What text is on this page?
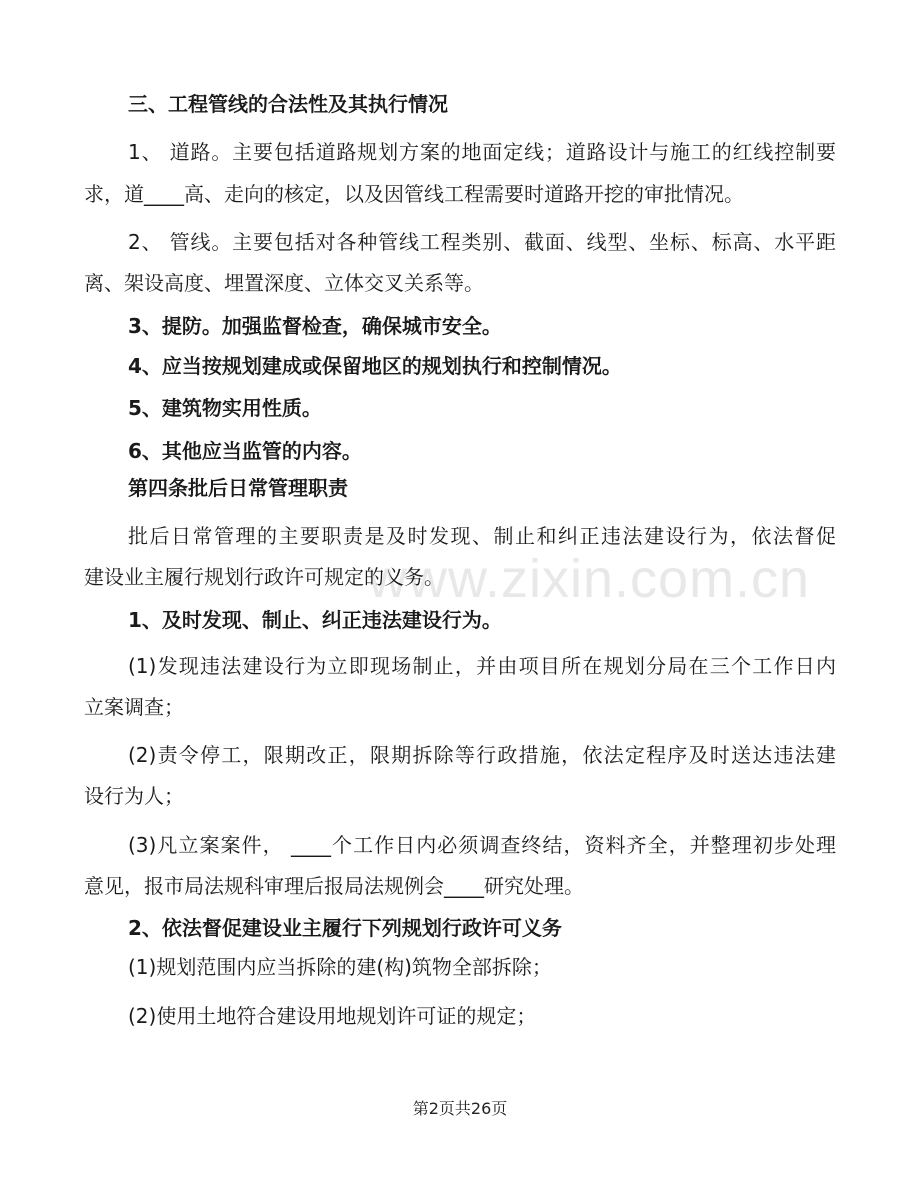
www.zixin.com.cn
三、工程管线的合法性及其执行情况
1、 道路。主要包括道路规划方案的地面定线；道路设计与施工的红线控制要
求，道____高、走向的核定，以及因管线工程需要时道路开挖的审批情况。
2、 管线。主要包括对各种管线工程类别、截面、线型、坐标、标高、水平距
离、架设高度、埋置深度、立体交叉关系等。
3、提防。加强监督检查，确保城市安全。
4、应当按规划建成或保留地区的规划执行和控制情况。
5、建筑物实用性质。
6、其他应当监管的内容。
第四条批后日常管理职责
批后日常管理的主要职责是及时发现、制止和纠正违法建设行为，依法督促
建设业主履行规划行政许可规定的义务。
1、及时发现、制止、纠正违法建设行为。
(1)发现违法建设行为立即现场制止，并由项目所在规划分局在三个工作日内
立案调查；
(2)责令停工，限期改正，限期拆除等行政措施，依法定程序及时送达违法建
设行为人；
(3)凡立案案件， ____个工作日内必须调查终结，资料齐全，并整理初步处理
意见，报市局法规科审理后报局法规例会____研究处理。
2、依法督促建设业主履行下列规划行政许可义务
(1)规划范围内应当拆除的建(构)筑物全部拆除；
(2)使用土地符合建设用地规划许可证的规定；
第2页共26页
